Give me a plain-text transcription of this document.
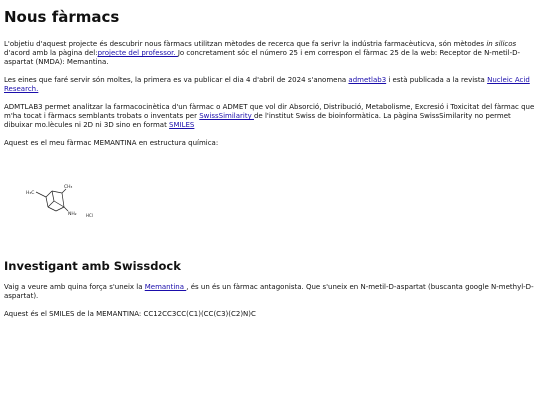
Nous fàrmacs

L'objetiu d'aquest projecte és descubrir nous fàrmacs utilitzan mètodes de recerca que fa serivr la indústria farmacèuticva, són mètodes in silicos d'acord amb la pàgina del:projecte del professor. Jo concretament sóc el número 25 i em correspon el fàrmac 25 de la web: Receptor de N-metil-D-aspartat (NMDA): Memantina.

Les eines que faré servir són moltes, la primera es va publicar el dia 4 d'abril de 2024 s'anomena admetlab3 i està publicada a la revista Nucleic Acid Research.

ADMTLAB3 permet analitzar la farmacocinètica d'un fàrmac o ADMET que vol dir Absorció, Distribució, Metabolisme, Excresió i Toxicitat del fàrmac que m'ha tocat i fàrmacs semblants trobats o inventats per SwissSimilarity de l'institut Swiss de bioinformàtica. La pàgina SwissSimilarity no permet dibuixar mo.lècules ni 2D ni 3D sino en format SMILES

Aquest es el meu fàrmac MEMANTINA en estructura química:

H₃C
CH₃
NH₂ HCl
Investigant amb Swissdock

Vaig a veure amb quina força s'uneix la Memantina , és un és un fàrmac antagonista. Que s'uneix en N-metil-D-aspartat (buscanta google N-methyl-D-aspartat).

Aquest és el SMILES de la MEMANTINA: CC12CC3CC(C1)(CC(C3)(C2)N)C
